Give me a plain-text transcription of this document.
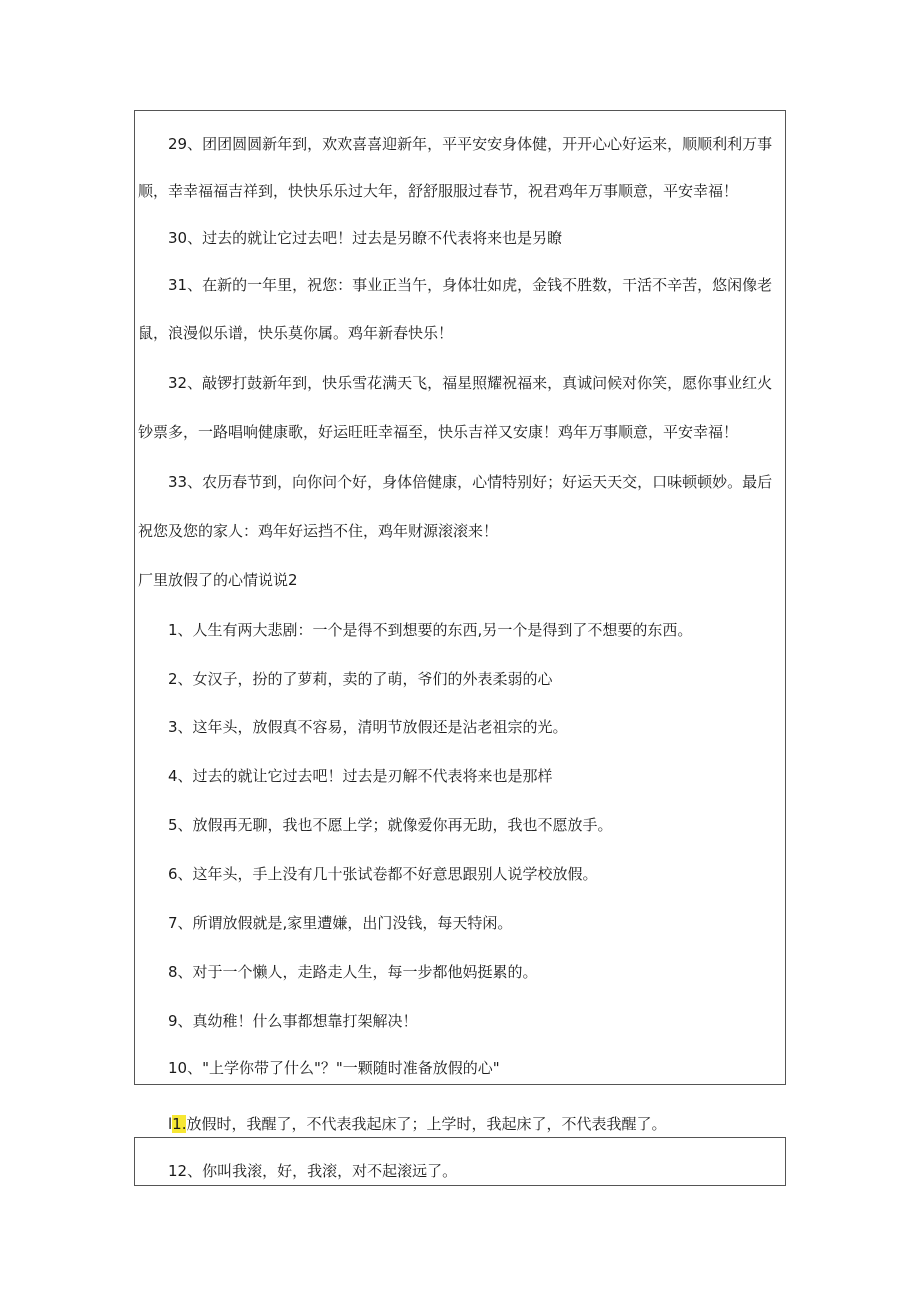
29、团团圆圆新年到，欢欢喜喜迎新年，平平安安身体健，开开心心好运来，顺顺利利万事
顺，幸幸福福吉祥到，快快乐乐过大年，舒舒服服过春节，祝君鸡年万事顺意，平安幸福！
30、过去的就让它过去吧！过去是另瞭不代表将来也是另瞭
31、在新的一年里，祝您：事业正当午，身体壮如虎，金钱不胜数，干活不辛苦，悠闲像老
鼠，浪漫似乐谱，快乐莫你属。鸡年新春快乐！
32、敲锣打鼓新年到，快乐雪花满天飞，福星照耀祝福来，真诚问候对你笑，愿你事业红火
钞票多，一路唱响健康歌，好运旺旺幸福至，快乐吉祥又安康！鸡年万事顺意，平安幸福！
33、农历春节到，向你问个好，身体倍健康，心情特别好；好运天天交，口味顿顿妙。最后
祝您及您的家人：鸡年好运挡不住，鸡年财源滚滚来！
厂里放假了的心情说说2
1、人生有两大悲剧：一个是得不到想要的东西,另一个是得到了不想要的东西。
2、女汉子，扮的了萝莉，卖的了萌，爷们的外表柔弱的心
3、这年头，放假真不容易，清明节放假还是沾老祖宗的光。
4、过去的就让它过去吧！过去是刃解不代表将来也是那样
5、放假再无聊，我也不愿上学；就像爱你再无助，我也不愿放手。
6、这年头，手上没有几十张试卷都不好意思跟别人说学校放假。
7、所谓放假就是,家里遭嫌，出门没钱，每天特闲。
8、对于一个懒人，走路走人生，每一步都他妈挺累的。
9、真幼稚！什么事都想靠打架解决！
10、"上学你带了什么"？"一颗随时准备放假的心"
l1.放假时，我醒了，不代表我起床了；上学时，我起床了，不代表我醒了。
12、你叫我滚，好，我滚，对不起滚远了。
